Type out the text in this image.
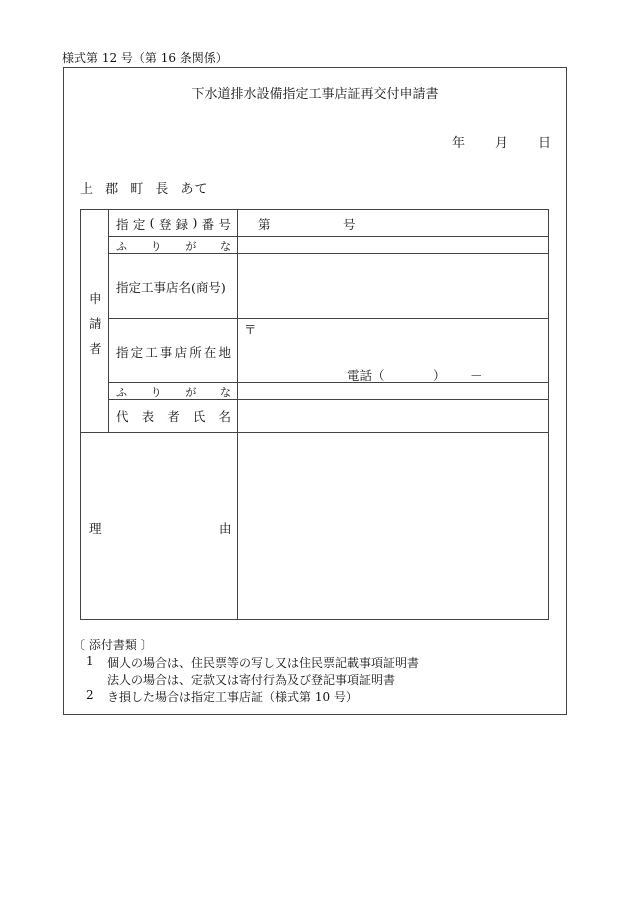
様式第 12 号（第 16 条関係）
下水道排水設備指定工事店証再交付申請書
年 月 日
上 郡 町 長 あて
申
請
者
指 定 ( 登 録 ) 番 号 第	号
ふ り が な
指定工事店名(商号)
指 定 工 事 店 所 在 地
〒
電話（	） －
ふ り が な
代 表 者 氏 名
理	由
〔 添付書類 〕
1 個人の場合は、住民票等の写し又は住民票記載事項証明書
法人の場合は、定款又は寄付行為及び登記事項証明書
2 き損した場合は指定工事店証（様式第 10 号）
